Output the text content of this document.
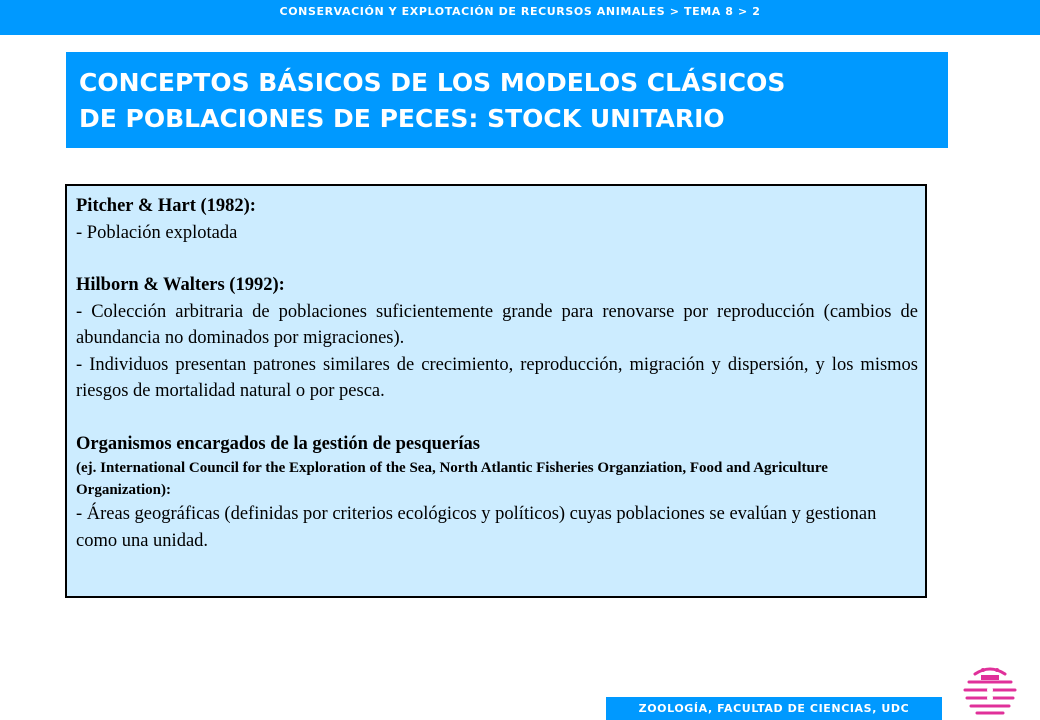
CONSERVACIÓN Y EXPLOTACIÓN DE RECURSOS ANIMALES > TEMA 8 > 2
CONCEPTOS BÁSICOS DE LOS MODELOS CLÁSICOS
DE POBLACIONES DE PECES: STOCK UNITARIO

Pitcher & Hart (1982):

- Población explotada

Hilborn & Walters (1992):

- Colección arbitraria de poblaciones suficientemente grande para renovarse por reproducción (cambios de abundancia no dominados por migraciones).

- Individuos presentan patrones similares de crecimiento, reproducción, migración y dispersión, y los mismos riesgos de mortalidad natural o por pesca.

Organismos encargados de la gestión de pesquerías

(ej. International Council for the Exploration of the Sea, North Atlantic Fisheries Organziation, Food and Agriculture Organization):

- Áreas geográficas (definidas por criterios ecológicos y políticos) cuyas poblaciones se evalúan y gestionan como una unidad.

ZOOLOGÍA, FACULTAD DE CIENCIAS, UDC
